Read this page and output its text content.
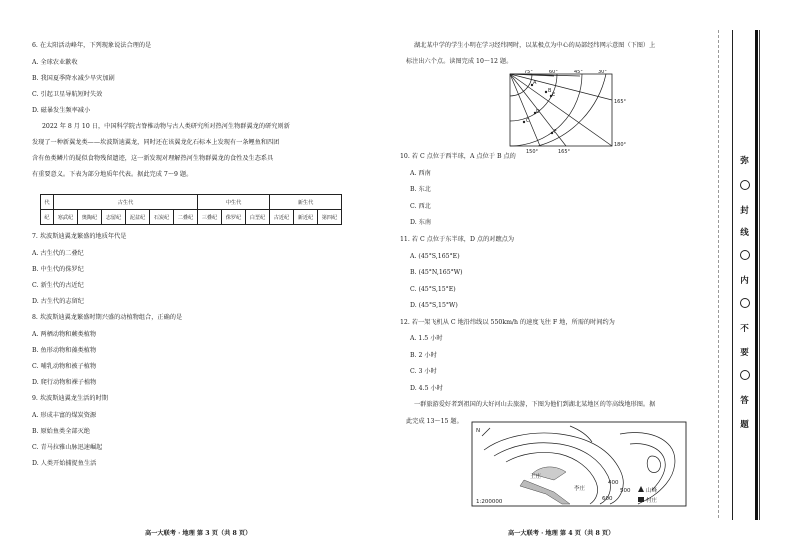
6. 在太阳活动峰年，下列现象说法合理的是
A. 全球农业歉收
B. 我国夏季降水减少旱灾加剧
C. 引起卫星导航短时失效
D. 磁暴发生频率减小
2022 年 8 月 10 日，中国科学院古脊椎动物与古人类研究所对热河生物群翼龙的研究则新
发现了一种新翼龙类——坎波斯迪翼龙，同时还在该翼龙化石标本上发现有一条鲤鱼和四团
含有鱼类鳞片的疑似食物残留遗迹，这一新发现对理解热河生物群翼龙的食性及生态系具
有重要意义。下表为部分地质年代表。据此完成 7～9 题。
7. 坎波斯迪翼龙繁盛的地质年代是
A. 古生代的二叠纪
B. 中生代的侏罗纪
C. 新生代的古近纪
D. 古生代的志留纪
8. 坎波斯迪翼龙繁盛时期兴盛的动植物组合，正确的是
A. 两栖动物和蕨类植物
B. 鱼形动物和藻类植物
C. 哺乳动物和被子植物
D. 爬行动物和裸子植物
9. 坎波斯迪翼龙生活的时期
A. 形成丰富的煤炭资源
B. 原始鱼类全部灭绝
C. 青马拉雅山脉迅速崛起
D. 人类开始捕捉鱼生活
代	古生代						中生代			新生代		
纪	寒武纪	奥陶纪	志留纪	泥盆纪	石炭纪	二叠纪	三叠纪	侏罗纪	白垩纪	古近纪	新近纪	第四纪
高一大联考 · 地理 第 3 页（共 8 页）
湖北某中学的学生小明在学习经纬网时，以某极点为中心的局部经纬网示意图（下图）上
标注出六个点。读图完成 10～12 题。
75°	60°	45°	30°
165°
180°
150°	165°
A
B
C
D
E
F
10. 若 C 点位于西半球，A 点位于 B 点的
A. 西南
B. 东北
C. 西北
D. 东南
11. 若 C 点位于东半球，D 点的对蹠点为
A. (45°S,165°E)
B. (45°N,165°W)
C. (45°S,15°E)
D. (45°S,15°W)
12. 若一架飞机从 C 地沿纬线以 550km/h 的速度飞往 F 地，所需的时间约为
A. 1.5 小时
B. 2 小时
C. 3 小时
D. 4.5 小时
一群旅游爱好者到祖国的大好河山去旅游，下图为他们到湖北某地区的等高线地形图。据
此完成 13～15 题。
N
1:200000
王庄
李庄
400
600
500	山峰
村庄
高一大联考 · 地理 第 4 页（共 8 页）
弥
封
线
内
不
要
答
题
